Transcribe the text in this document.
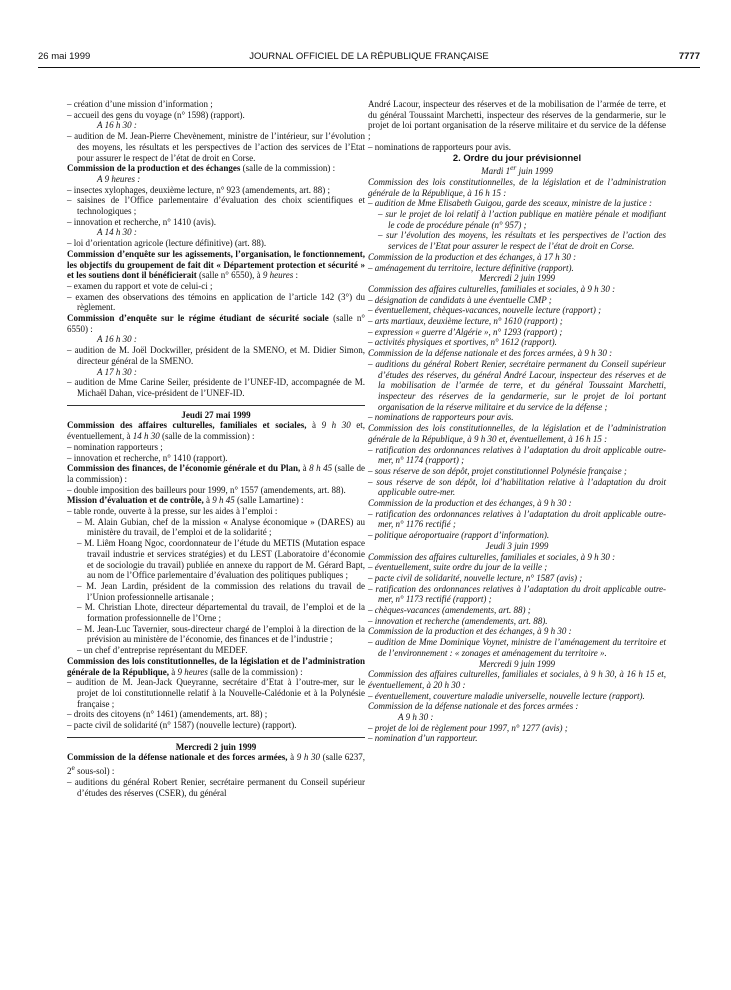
26 mai 1999	JOURNAL OFFICIEL DE LA RÉPUBLIQUE FRANÇAISE	7777

– création d’une mission d’information ;

– accueil des gens du voyage (n° 1598) (rapport).

A 16 h 30 :

– audition de M. Jean-Pierre Chevènement, ministre de l’intérieur, sur l’évolution des moyens, les résultats et les perspectives de l’action des services de l’Etat pour assurer le respect de l’état de droit en Corse.

Commission de la production et des échanges (salle de la commission) :

A 9 heures :

– insectes xylophages, deuxième lecture, n° 923 (amendements, art. 88) ;

– saisines de l’Office parlementaire d’évaluation des choix scientifiques et technologiques ;

– innovation et recherche, n° 1410 (avis).

A 14 h 30 :

– loi d’orientation agricole (lecture définitive) (art. 88).

Commission d’enquête sur les agissements, l’organisation, le fonctionnement, les objectifs du groupement de fait dit « Département protection et sécurité » et les soutiens dont il bénéficierait (salle n° 6550), à 9 heures :

– examen du rapport et vote de celui-ci ;

– examen des observations des témoins en application de l’article 142 (3°) du règlement.

Commission d’enquête sur le régime étudiant de sécurité sociale (salle n° 6550) :

A 16 h 30 :

– audition de M. Joël Dockwiller, président de la SMENO, et M. Didier Simon, directeur général de la SMENO.

A 17 h 30 :

– audition de Mme Carine Seiler, présidente de l’UNEF-ID, accompagnée de M. Michaël Dahan, vice-président de l’UNEF-ID.

Jeudi 27 mai 1999

Commission des affaires culturelles, familiales et sociales, à 9 h 30 et, éventuellement, à 14 h 30 (salle de la commission) :

– nomination rapporteurs ;

– innovation et recherche, n° 1410 (rapport).

Commission des finances, de l’économie générale et du Plan, à 8 h 45 (salle de la commission) :

– double imposition des bailleurs pour 1999, n° 1557 (amendements, art. 88).

Mission d’évaluation et de contrôle, à 9 h 45 (salle Lamartine) :

– table ronde, ouverte à la presse, sur les aides à l’emploi :

– M. Alain Gubian, chef de la mission « Analyse économique » (DARES) au ministère du travail, de l’emploi et de la solidarité ;

– M. Liêm Hoang Ngoc, coordonnateur de l’étude du METIS (Mutation espace travail industrie et services stratégies) et du LEST (Laboratoire d’économie et de sociologie du travail) publiée en annexe du rapport de M. Gérard Bapt, au nom de l’Office parlementaire d’évaluation des politiques publiques ;

– M. Jean Lardin, président de la commission des relations du travail de l’Union professionnelle artisanale ;

– M. Christian Lhote, directeur départemental du travail, de l’emploi et de la formation professionnelle de l’Orne ;

– M. Jean-Luc Tavernier, sous-directeur chargé de l’emploi à la direction de la prévision au ministère de l’économie, des finances et de l’industrie ;

– un chef d’entreprise représentant du MEDEF.

Commission des lois constitutionnelles, de la législation et de l’administration générale de la République, à 9 heures (salle de la commission) :

– audition de M. Jean-Jack Queyranne, secrétaire d’Etat à l’outre-mer, sur le projet de loi constitutionnelle relatif à la Nouvelle-Calédonie et à la Polynésie française ;

– droits des citoyens (n° 1461) (amendements, art. 88) ;

– pacte civil de solidarité (n° 1587) (nouvelle lecture) (rapport).

Mercredi 2 juin 1999

Commission de la défense nationale et des forces armées, à 9 h 30 (salle 6237, 2e sous-sol) :

– auditions du général Robert Renier, secrétaire permanent du Conseil supérieur d’études des réserves (CSER), du général

André Lacour, inspecteur des réserves et de la mobilisation de l’armée de terre, et du général Toussaint Marchetti, inspecteur des réserves de la gendarmerie, sur le projet de loi portant organisation de la réserve militaire et du service de la défense ;

– nominations de rapporteurs pour avis.

2. Ordre du jour prévisionnel

Mardi 1er juin 1999

Commission des lois constitutionnelles, de la législation et de l’administration générale de la République, à 16 h 15 :

– audition de Mme Elisabeth Guigou, garde des sceaux, ministre de la justice :

– sur le projet de loi relatif à l’action publique en matière pénale et modifiant le code de procédure pénale (n° 957) ;

– sur l’évolution des moyens, les résultats et les perspectives de l’action des services de l’Etat pour assurer le respect de l’état de droit en Corse.

Commission de la production et des échanges, à 17 h 30 :

– aménagement du territoire, lecture définitive (rapport).

Mercredi 2 juin 1999

Commission des affaires culturelles, familiales et sociales, à 9 h 30 :

– désignation de candidats à une éventuelle CMP ;

– éventuellement, chèques-vacances, nouvelle lecture (rapport) ;

– arts martiaux, deuxième lecture, n° 1610 (rapport) ;

– expression « guerre d’Algérie », n° 1293 (rapport) ;

– activités physiques et sportives, n° 1612 (rapport).

Commission de la défense nationale et des forces armées, à 9 h 30 :

– auditions du général Robert Renier, secrétaire permanent du Conseil supérieur d’études des réserves, du général André Lacour, inspecteur des réserves et de la mobilisation de l’armée de terre, et du général Toussaint Marchetti, inspecteur des réserves de la gendarmerie, sur le projet de loi portant organisation de la réserve militaire et du service de la défense ;

– nominations de rapporteurs pour avis.

Commission des lois constitutionnelles, de la législation et de l’administration générale de la République, à 9 h 30 et, éventuellement, à 16 h 15 :

– ratification des ordonnances relatives à l’adaptation du droit applicable outre-mer, n° 1174 (rapport) ;

– sous réserve de son dépôt, projet constitutionnel Polynésie française ;

– sous réserve de son dépôt, loi d’habilitation relative à l’adaptation du droit applicable outre-mer.

Commission de la production et des échanges, à 9 h 30 :

– ratification des ordonnances relatives à l’adaptation du droit applicable outre-mer, n° 1176 rectifié ;

– politique aéroportuaire (rapport d’information).

Jeudi 3 juin 1999

Commission des affaires culturelles, familiales et sociales, à 9 h 30 :

– éventuellement, suite ordre du jour de la veille ;

– pacte civil de solidarité, nouvelle lecture, n° 1587 (avis) ;

– ratification des ordonnances relatives à l’adaptation du droit applicable outre-mer, n° 1173 rectifié (rapport) ;

– chèques-vacances (amendements, art. 88) ;

– innovation et recherche (amendements, art. 88).

Commission de la production et des échanges, à 9 h 30 :

– audition de Mme Dominique Voynet, ministre de l’aménagement du territoire et de l’environnement : « zonages et aménagement du territoire ».

Mercredi 9 juin 1999

Commission des affaires culturelles, familiales et sociales, à 9 h 30, à 16 h 15 et, éventuellement, à 20 h 30 :

– éventuellement, couverture maladie universelle, nouvelle lecture (rapport).

Commission de la défense nationale et des forces armées :

A 9 h 30 :

– projet de loi de règlement pour 1997, n° 1277 (avis) ;

– nomination d’un rapporteur.
